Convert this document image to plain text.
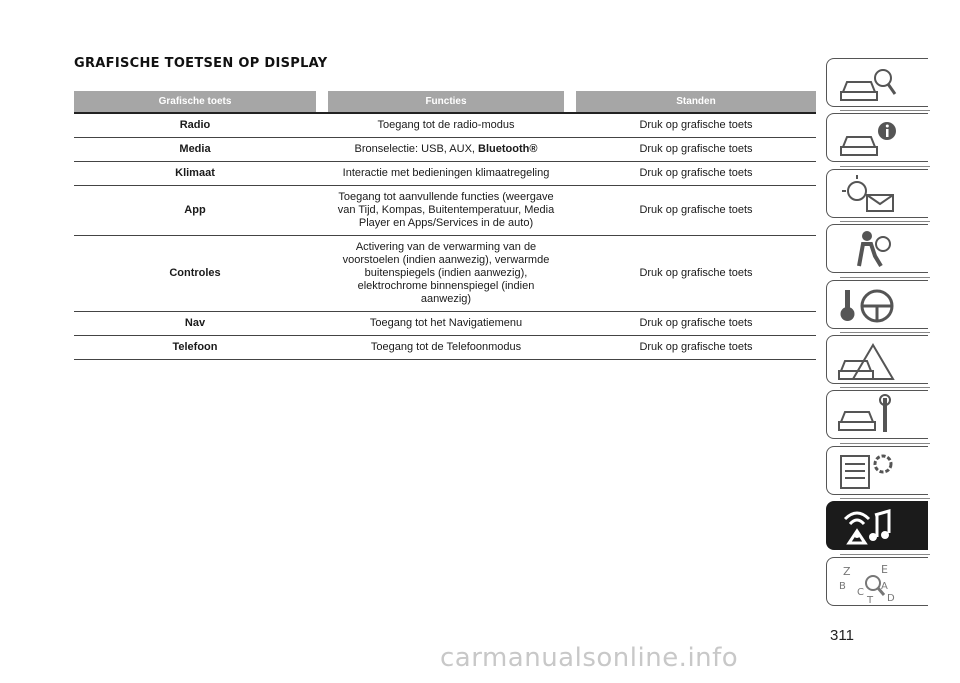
GRAFISCHE TOETSEN OP DISPLAY
Grafische toets		Functies		Standen
Radio		Toegang tot de radio-modus		Druk op grafische toets
Media		Bronselectie: USB, AUX, Bluetooth®		Druk op grafische toets
Klimaat		Interactie met bedieningen klimaatregeling		Druk op grafische toets
App		Toegang tot aanvullende functies (weergave
van Tijd, Kompas, Buitentemperatuur, Media
Player en Apps/Services in de auto)		Druk op grafische toets
Controles		Activering van de verwarming van de
voorstoelen (indien aanwezig), verwarmde
buitenspiegels (indien aanwezig),
elektrochrome binnenspiegel (indien aanwezig)		Druk op grafische toets
Nav		Toegang tot het Navigatiemenu		Druk op grafische toets
Telefoon		Toegang tot de Telefoonmodus		Druk op grafische toets
Z	E
B	A
C
D
T
311
carmanualsonline.info
